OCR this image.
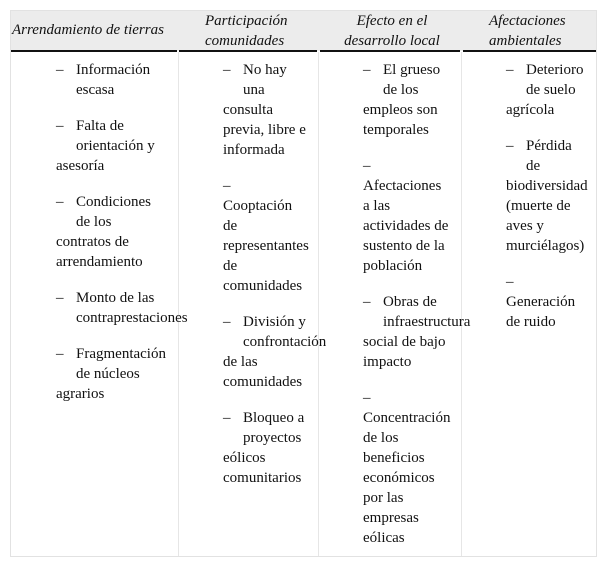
Arrendamiento de tierras
Participación
comunidades
Efecto en el
desarrollo local
Afectaciones
ambientales
– Información
escasa
– Falta de
orientación y
asesoría
– Condiciones
de los
contratos de
arrendamiento
– Monto de las
contraprestaciones
– Fragmentación
de núcleos
agrarios
– No hay
una
consulta
previa, libre e
informada
–
Cooptación
de
representantes
de
comunidades
– División y
confrontación
de las
comunidades
– Bloqueo a
proyectos
eólicos
comunitarios
– El grueso
de los
empleos son
temporales
–
Afectaciones
a las
actividades de
sustento de la
población
– Obras de
infraestructura
social de bajo
impacto
–
Concentración
de los
beneficios
económicos
por las
empresas
eólicas
– Deterioro
de suelo
agrícola
– Pérdida
de
biodiversidad
(muerte de
aves y
murciélagos)
–
Generación
de ruido
